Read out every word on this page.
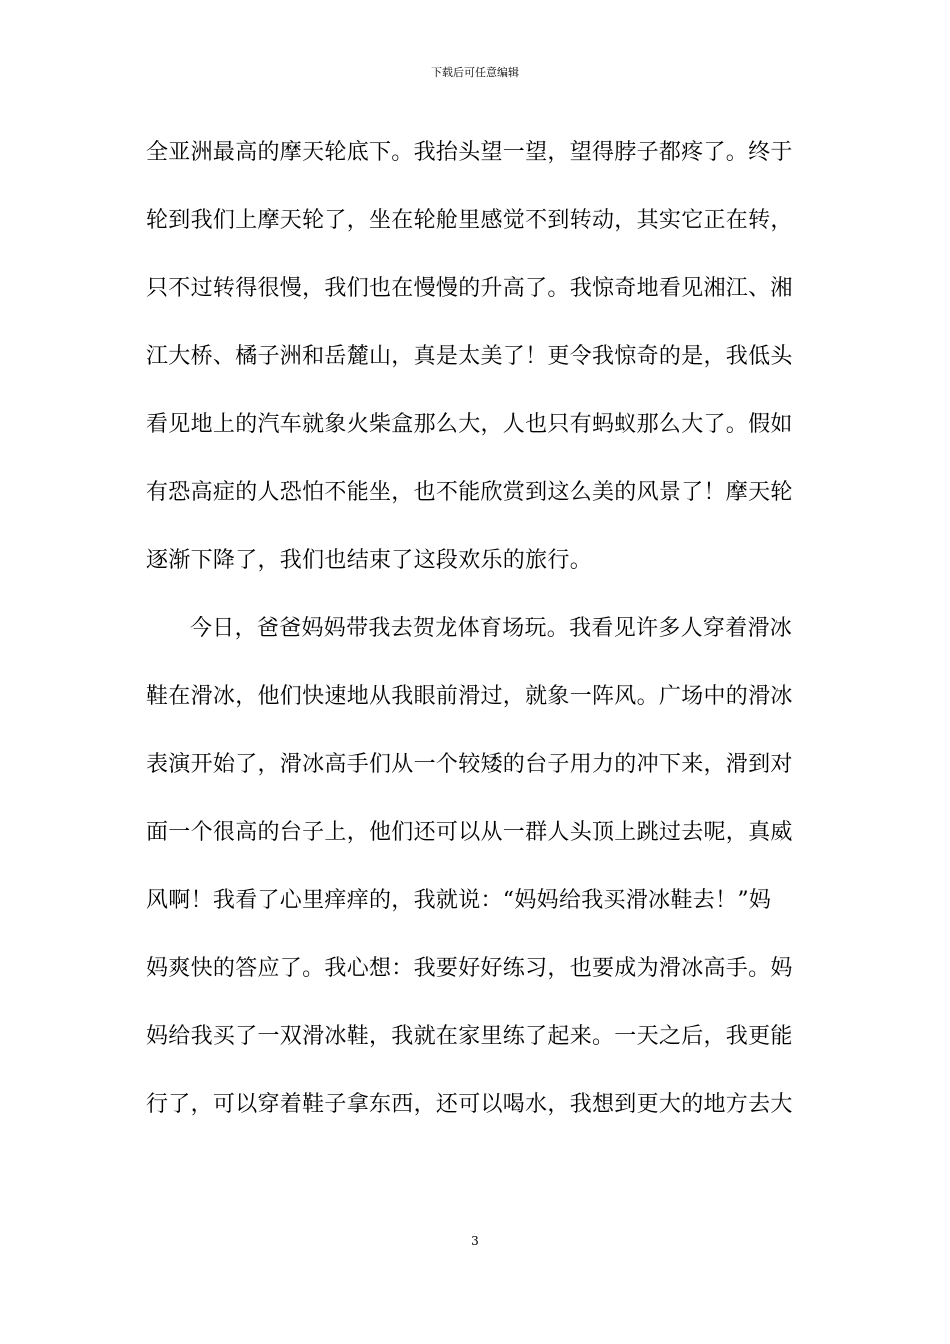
下载后可任意编辑
全亚洲最高的摩天轮底下。我抬头望一望，望得脖子都疼了。终于
轮到我们上摩天轮了，坐在轮舱里感觉不到转动，其实它正在转，
只不过转得很慢，我们也在慢慢的升高了。我惊奇地看见湘江、湘
江大桥、橘子洲和岳麓山，真是太美了！更令我惊奇的是，我低头
看见地上的汽车就象火柴盒那么大，人也只有蚂蚁那么大了。假如
有恐高症的人恐怕不能坐，也不能欣赏到这么美的风景了！摩天轮
逐渐下降了，我们也结束了这段欢乐的旅行。
今日，爸爸妈妈带我去贺龙体育场玩。我看见许多人穿着滑冰
鞋在滑冰，他们快速地从我眼前滑过，就象一阵风。广场中的滑冰
表演开始了，滑冰高手们从一个较矮的台子用力的冲下来，滑到对
面一个很高的台子上，他们还可以从一群人头顶上跳过去呢，真威
风啊！我看了心里痒痒的，我就说：“妈妈给我买滑冰鞋去！”妈
妈爽快的答应了。我心想：我要好好练习，也要成为滑冰高手。妈
妈给我买了一双滑冰鞋，我就在家里练了起来。一天之后，我更能
行了，可以穿着鞋子拿东西，还可以喝水，我想到更大的地方去大
3
